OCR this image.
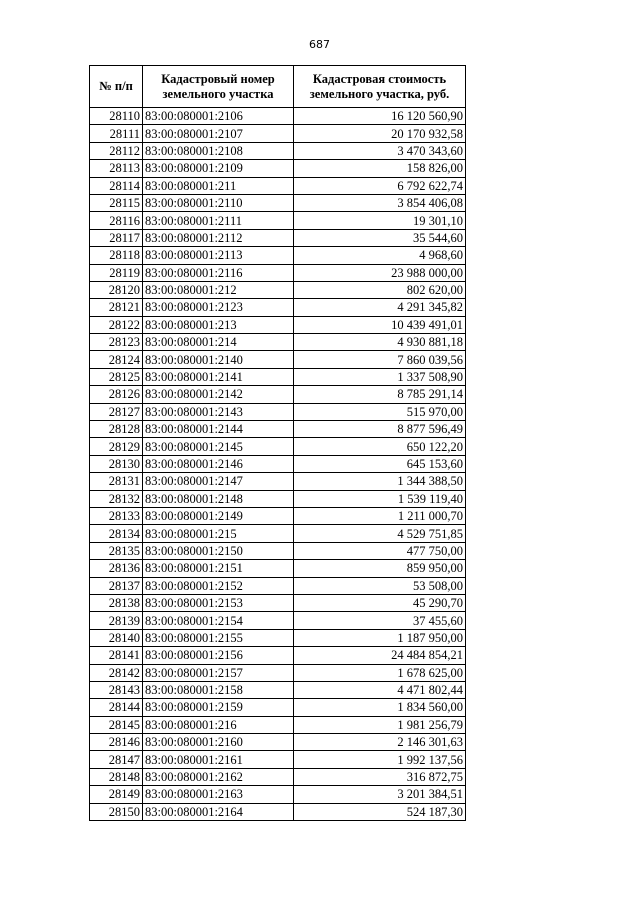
687
№ п/п	Кадастровый номер земельного участка	Кадастровая стоимость земельного участка, руб.
28110	83:00:080001:2106	16 120 560,90
28111	83:00:080001:2107	20 170 932,58
28112	83:00:080001:2108	3 470 343,60
28113	83:00:080001:2109	158 826,00
28114	83:00:080001:211	6 792 622,74
28115	83:00:080001:2110	3 854 406,08
28116	83:00:080001:2111	19 301,10
28117	83:00:080001:2112	35 544,60
28118	83:00:080001:2113	4 968,60
28119	83:00:080001:2116	23 988 000,00
28120	83:00:080001:212	802 620,00
28121	83:00:080001:2123	4 291 345,82
28122	83:00:080001:213	10 439 491,01
28123	83:00:080001:214	4 930 881,18
28124	83:00:080001:2140	7 860 039,56
28125	83:00:080001:2141	1 337 508,90
28126	83:00:080001:2142	8 785 291,14
28127	83:00:080001:2143	515 970,00
28128	83:00:080001:2144	8 877 596,49
28129	83:00:080001:2145	650 122,20
28130	83:00:080001:2146	645 153,60
28131	83:00:080001:2147	1 344 388,50
28132	83:00:080001:2148	1 539 119,40
28133	83:00:080001:2149	1 211 000,70
28134	83:00:080001:215	4 529 751,85
28135	83:00:080001:2150	477 750,00
28136	83:00:080001:2151	859 950,00
28137	83:00:080001:2152	53 508,00
28138	83:00:080001:2153	45 290,70
28139	83:00:080001:2154	37 455,60
28140	83:00:080001:2155	1 187 950,00
28141	83:00:080001:2156	24 484 854,21
28142	83:00:080001:2157	1 678 625,00
28143	83:00:080001:2158	4 471 802,44
28144	83:00:080001:2159	1 834 560,00
28145	83:00:080001:216	1 981 256,79
28146	83:00:080001:2160	2 146 301,63
28147	83:00:080001:2161	1 992 137,56
28148	83:00:080001:2162	316 872,75
28149	83:00:080001:2163	3 201 384,51
28150	83:00:080001:2164	524 187,30
